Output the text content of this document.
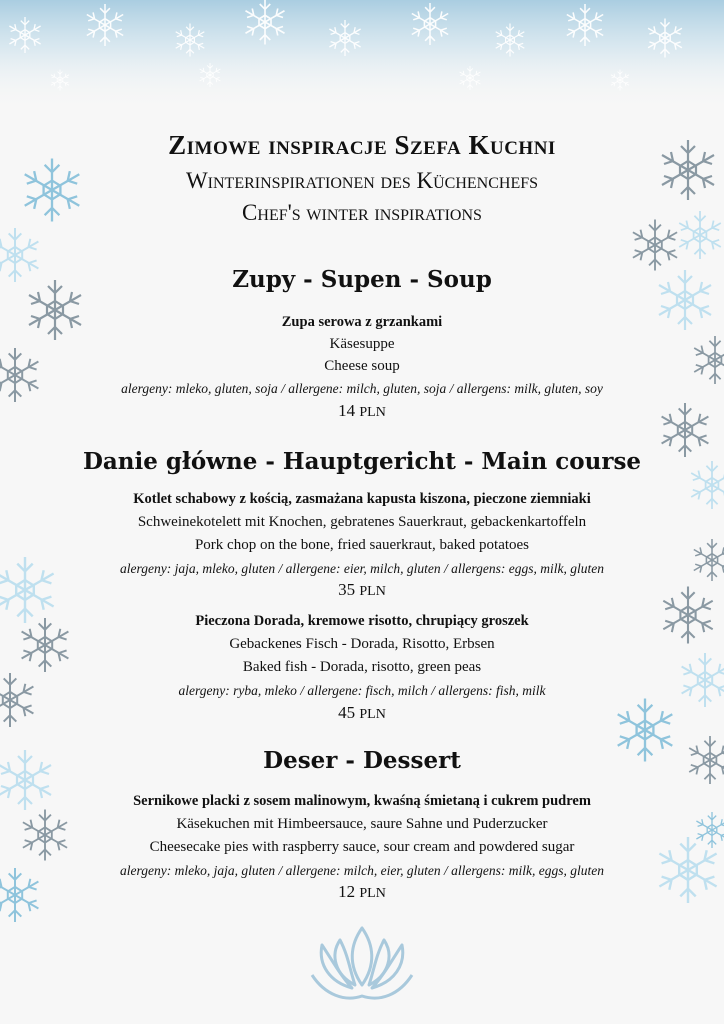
Zimowe inspiracje Szefa Kuchni
Winterinspirationen des Küchenchefs
Chef's winter inspirations
Zupy - Supen - Soup
Zupa serowa z grzankami
Käsesuppe
Cheese soup
alergeny: mleko, gluten, soja / allergene: milch, gluten, soja / allergens: milk, gluten, soy
14 PLN
Danie główne - Hauptgericht - Main course
Kotlet schabowy z kością, zasmażana kapusta kiszona, pieczone ziemniaki
Schweinekotelett mit Knochen, gebratenes Sauerkraut, gebackenkartoffeln
Pork chop on the bone, fried sauerkraut, baked potatoes
alergeny: jaja, mleko, gluten / allergene: eier, milch, gluten / allergens: eggs, milk, gluten
35 PLN
Pieczona Dorada, kremowe risotto, chrupiący groszek
Gebackenes Fisch - Dorada, Risotto, Erbsen
Baked fish - Dorada, risotto, green peas
alergeny: ryba, mleko / allergene: fisch, milch / allergens: fish, milk
45 PLN
Deser - Dessert
Sernikowe placki z sosem malinowym, kwaśną śmietaną i cukrem pudrem
Käsekuchen mit Himbeersauce, saure Sahne und Puderzucker
Cheesecake pies with raspberry sauce, sour cream and powdered sugar
alergeny: mleko, jaja, gluten / allergene: milch, eier, gluten / allergens: milk, eggs, gluten
12 PLN
